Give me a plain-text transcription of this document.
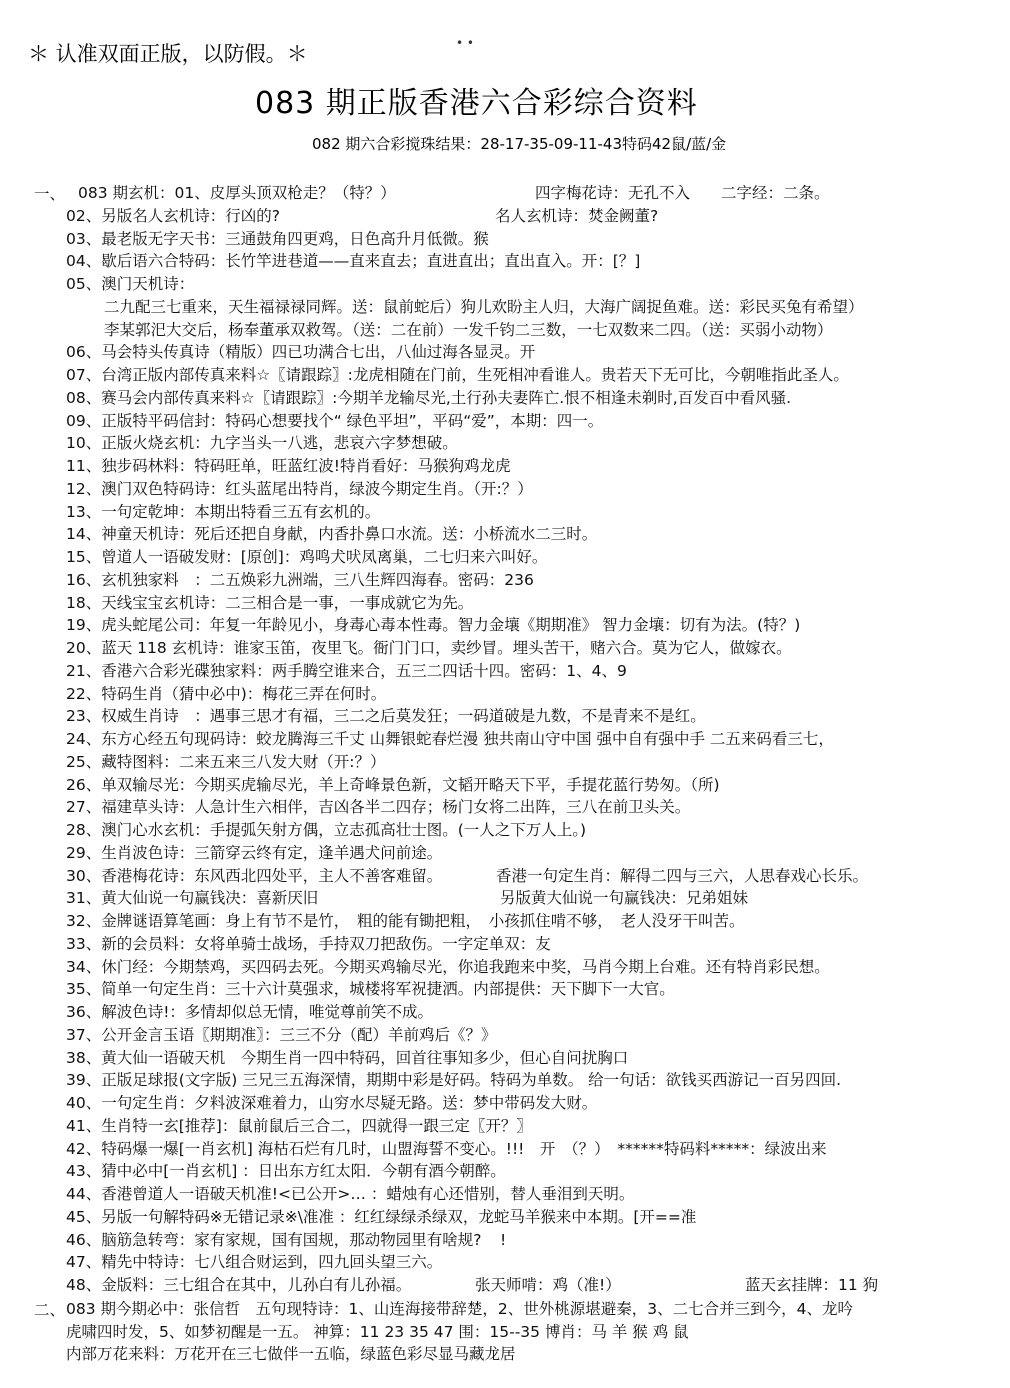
＊ 认准双面正版，以防假。＊	• •
083 期正版香港六合彩综合资料
082 期六合彩搅珠结果：28-17-35-09-11-43特码42鼠/蓝/金
一、 083 期玄机：01、皮厚头顶双枪走？（特？）	四字梅花诗：无孔不入　　二字经：二条。
02、另版名人玄机诗：行凶的?	名人玄机诗：焚金阙董?
03、最老版无字天书：三通鼓角四更鸡，日色高升月低微。猴
04、歇后语六合特码：长竹竿进巷道——直来直去；直进直出；直出直入。开：[？]
05、澳门天机诗：
二九配三七重来，天生福禄禄同辉。送：鼠前蛇后）狗儿欢盼主人归，大海广阔捉鱼难。送：彩民买兔有希望）
李某郭汜大交后，杨奉董承双救驾。（送：二在前）一发千钧二三数，一七双数来二四。（送：买弱小动物）
06、马会特头传真诗（精版）四已功满合七出，八仙过海各显灵。开
07、台湾正版内部传真来料☆〖请跟踪〗:龙虎相随在门前，生死相冲看谁人。贵若天下无可比，今朝唯指此圣人。
08、赛马会内部传真来料☆〖请跟踪〗:今期羊龙输尽光,土行孙夫妻阵亡.恨不相逢未剃时,百发百中看风骚.
09、正版特平码信封：特码心想要找个“ 绿色平坦”，平码“爱”，本期：四一。
10、正版火烧玄机：九字当头一八逃，悲哀六字梦想破。
11、独步码林料：特码旺单，旺蓝红波!特肖看好：马猴狗鸡龙虎
12、澳门双色特码诗：红头蓝尾出特肖，绿波今期定生肖。（开:？）
13、一句定乾坤：本期出特看三五有玄机的。
14、神童天机诗：死后还把自身献，内香扑鼻口水流。送：小桥流水二三时。
15、曾道人一语破发财：[原创]：鸡鸣犬吠凤离巢，二七归来六叫好。
16、玄机独家料　：二五焕彩九洲端，三八生辉四海春。密码：236
18、天线宝宝玄机诗：二三相合是一事，一事成就它为先。
19、虎头蛇尾公司：年复一年龄见小，身毒心毒本性毒。智力金壤《期期准》 智力金壤：切有为法。(特？)
20、蓝天 118 玄机诗：谁家玉笛，夜里飞。衙门门口，卖纱冒。埋头苦干，赌六合。莫为它人，做嫁衣。
21、香港六合彩光碟独家料：两手腾空谁来合，五三二四话十四。密码：1、4、9
22、特码生肖（猜中必中)：梅花三弄在何时。
23、权威生肖诗　：遇事三思才有福，三二之后莫发狂；一码道破是九数，不是青来不是红。
24、东方心经五句现码诗：蛟龙腾海三千丈 山舞银蛇春烂漫 独共南山守中国 强中自有强中手 二五来码看三七，
25、藏特图料：二来五来三八发大财（开:？）
26、单双输尽光：今期买虎输尽光，羊上奇峰景色新，文韬开略天下平，手提花蓝行势匆。（所)
27、福建草头诗：人急计生六相伴，吉凶各半二四存；杨门女将二出阵，三八在前卫头关。
28、澳门心水玄机：手提弧矢射方偶，立志孤高壮士图。(一人之下万人上。)
29、生肖波色诗：三箭穿云终有定，逢羊遇犬问前途。
30、香港梅花诗：东风西北四处平，主人不善客难留。	香港一句定生肖：解得二四与三六，人思春戏心长乐。
31、黄大仙说一句赢钱决：喜新厌旧	另版黄大仙说一句赢钱决：兄弟姐妹
32、金牌谜语算笔画：身上有节不是竹，　粗的能有锄把粗，　小孩抓住啃不够，　老人没牙干叫苦。
33、新的会员料：女将单骑士战场，手持双刀把敌伤。一字定单双：友
34、休门经：今期禁鸡，买四码去死。今期买鸡输尽光，你追我跑来中奖，马肖今期上台难。还有特肖彩民想。
35、简单一句定生肖：三十六计莫强求，城楼将军祝捷洒。内部提供：天下脚下一大官。
36、解波色诗!：多情却似总无情，唯觉尊前笑不成。
37、公开金言玉语〖期期准〗：三三不分（配）羊前鸡后《？》
38、黄大仙一语破天机　今期生肖一四中特码，回首往事知多少，但心自问扰胸口
39、正版足球报(文字版) 三兄三五海深情，期期中彩是好码。特码为单数。 给一句话：欲钱买西游记一百另四回.
40、一句定生肖：夕料波深难着力，山穷水尽疑无路。送：梦中带码发大财。
41、生肖特一玄[推荐]：鼠前鼠后三合二，四就得一跟三定〖开？〗
42、特码爆一爆[一肖玄机] 海枯石烂有几时，山盟海誓不变心。!!!　开　（？）　******特码料*****：绿波出来
43、猜中必中[一肖玄机] ：日出东方红太阳．今朝有酒今朝醉。
44、香港曾道人一语破天机准!<已公开>… ：蜡烛有心还惜别，替人垂泪到天明。
45、另版一句解特码※无错记录※\准准 ：红红绿绿杀绿双，龙蛇马羊猴来中本期。[开==准
46、脑筋急转弯：家有家规，国有国规，那动物园里有啥规? !
47、精先中特诗：七八组合财运到，四九回头望三六。
48、金版料：三七组合在其中，儿孙白有儿孙福。	张天师啃：鸡（准!）	蓝天玄挂牌：11 狗
二、 083 期今期必中：张信哲　五句现特诗：1、山连海接带辞楚，2、世外桃源堪避秦，3、二七合并三到今，4、龙吟
虎啸四时发，5、如梦初醒是一五。 神算：11 23 35 47 围：15--35 博肖：马 羊 猴 鸡 鼠
内部万花来料：万花开在三七做伴一五临，绿蓝色彩尽显马藏龙居
